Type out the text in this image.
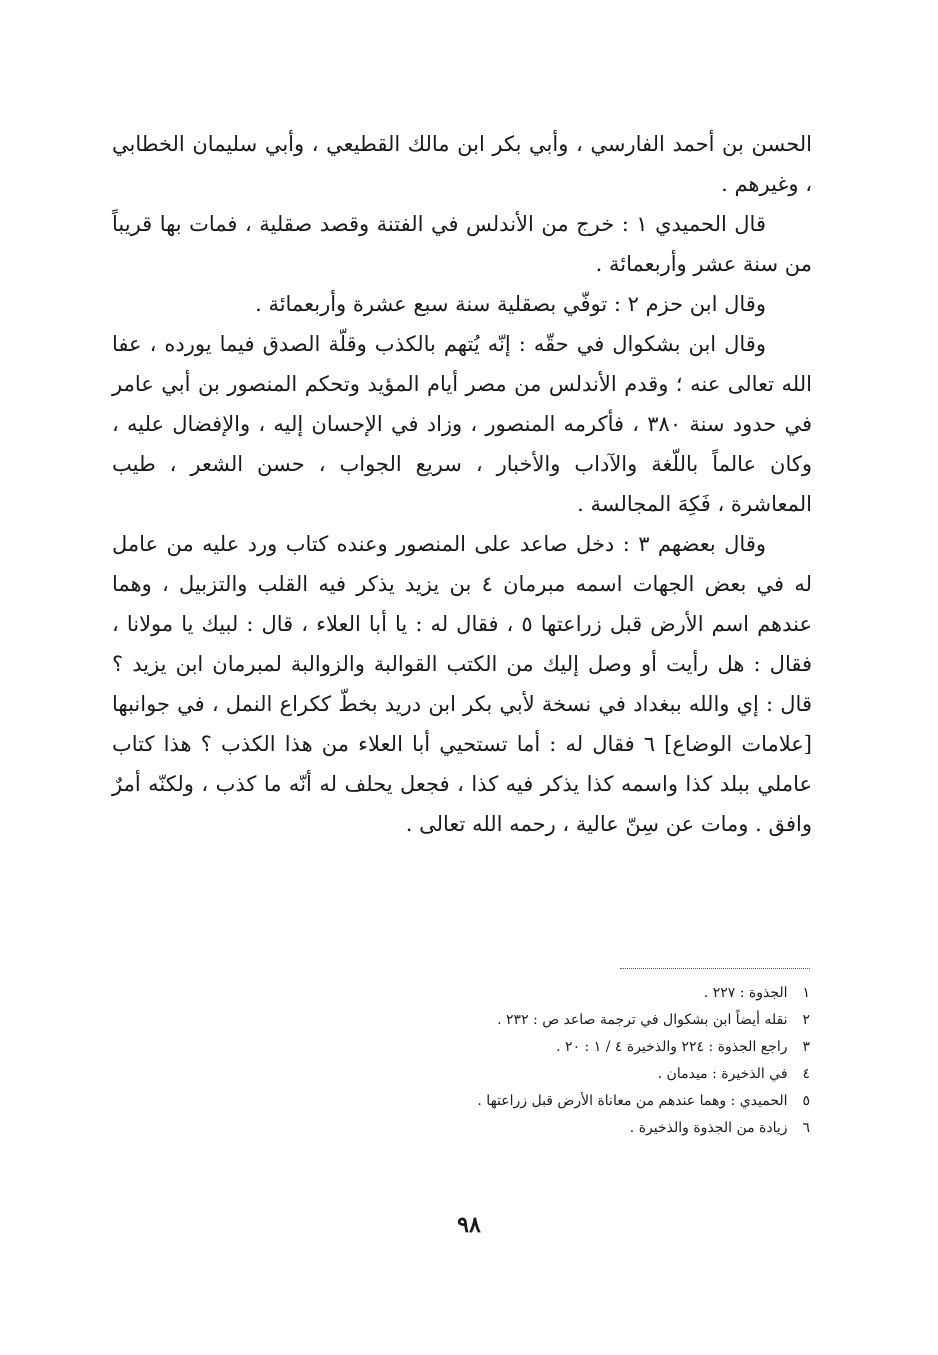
الحسن بن أحمد الفارسي ، وأبي بكر ابن مالك القطيعي ، وأبي سليمان الخطابي ، وغيرهم .

قال الحميدي ١ : خرج من الأندلس في الفتنة وقصد صقلية ، فمات بها قريباً من سنة عشر وأربعمائة .

وقال ابن حزم ٢ : توفّي بصقلية سنة سبع عشرة وأربعمائة .

وقال ابن بشكوال في حقّه : إنّه يُتهم بالكذب وقلّة الصدق فيما يورده ، عفا الله تعالى عنه ؛ وقدم الأندلس من مصر أيام المؤيد وتحكم المنصور بن أبي عامر في حدود سنة ٣٨٠ ، فأكرمه المنصور ، وزاد في الإحسان إليه ، والإفضال عليه ، وكان عالماً باللّغة والآداب والأخبار ، سريع الجواب ، حسن الشعر ، طيب المعاشرة ، فَكِهَ المجالسة .

وقال بعضهم ٣ : دخل صاعد على المنصور وعنده كتاب ورد عليه من عامل له في بعض الجهات اسمه مبرمان ٤ بن يزيد يذكر فيه القلب والتزبيل ، وهما عندهم اسم الأرض قبل زراعتها ٥ ، فقال له : يا أبا العلاء ، قال : لبيك يا مولانا ، فقال : هل رأيت أو وصل إليك من الكتب القوالبة والزوالبة لمبرمان ابن يزيد ؟ قال : إي والله ببغداد في نسخة لأبي بكر ابن دريد بخطّ ككراع النمل ، في جوانبها [علامات الوضاع] ٦ فقال له : أما تستحيي أبا العلاء من هذا الكذب ؟ هذا كتاب عاملي ببلد كذا واسمه كذا يذكر فيه كذا ، فجعل يحلف له أنّه ما كذب ، ولكنّه أمرٌ وافق . ومات عن سِنّ عالية ، رحمه الله تعالى .

١ الجذوة : ٢٢٧ .
٢ نقله أيضاً ابن بشكوال في ترجمة صاعد ص : ٢٣٢ .
٣ راجع الجذوة : ٢٢٤ والذخيرة ٤ / ١ : ٢٠ .
٤ في الذخيرة : ميدمان .
٥ الحميدي : وهما عندهم من معاناة الأرض قبل زراعتها .
٦ زيادة من الجذوة والذخيرة .
٩٨
